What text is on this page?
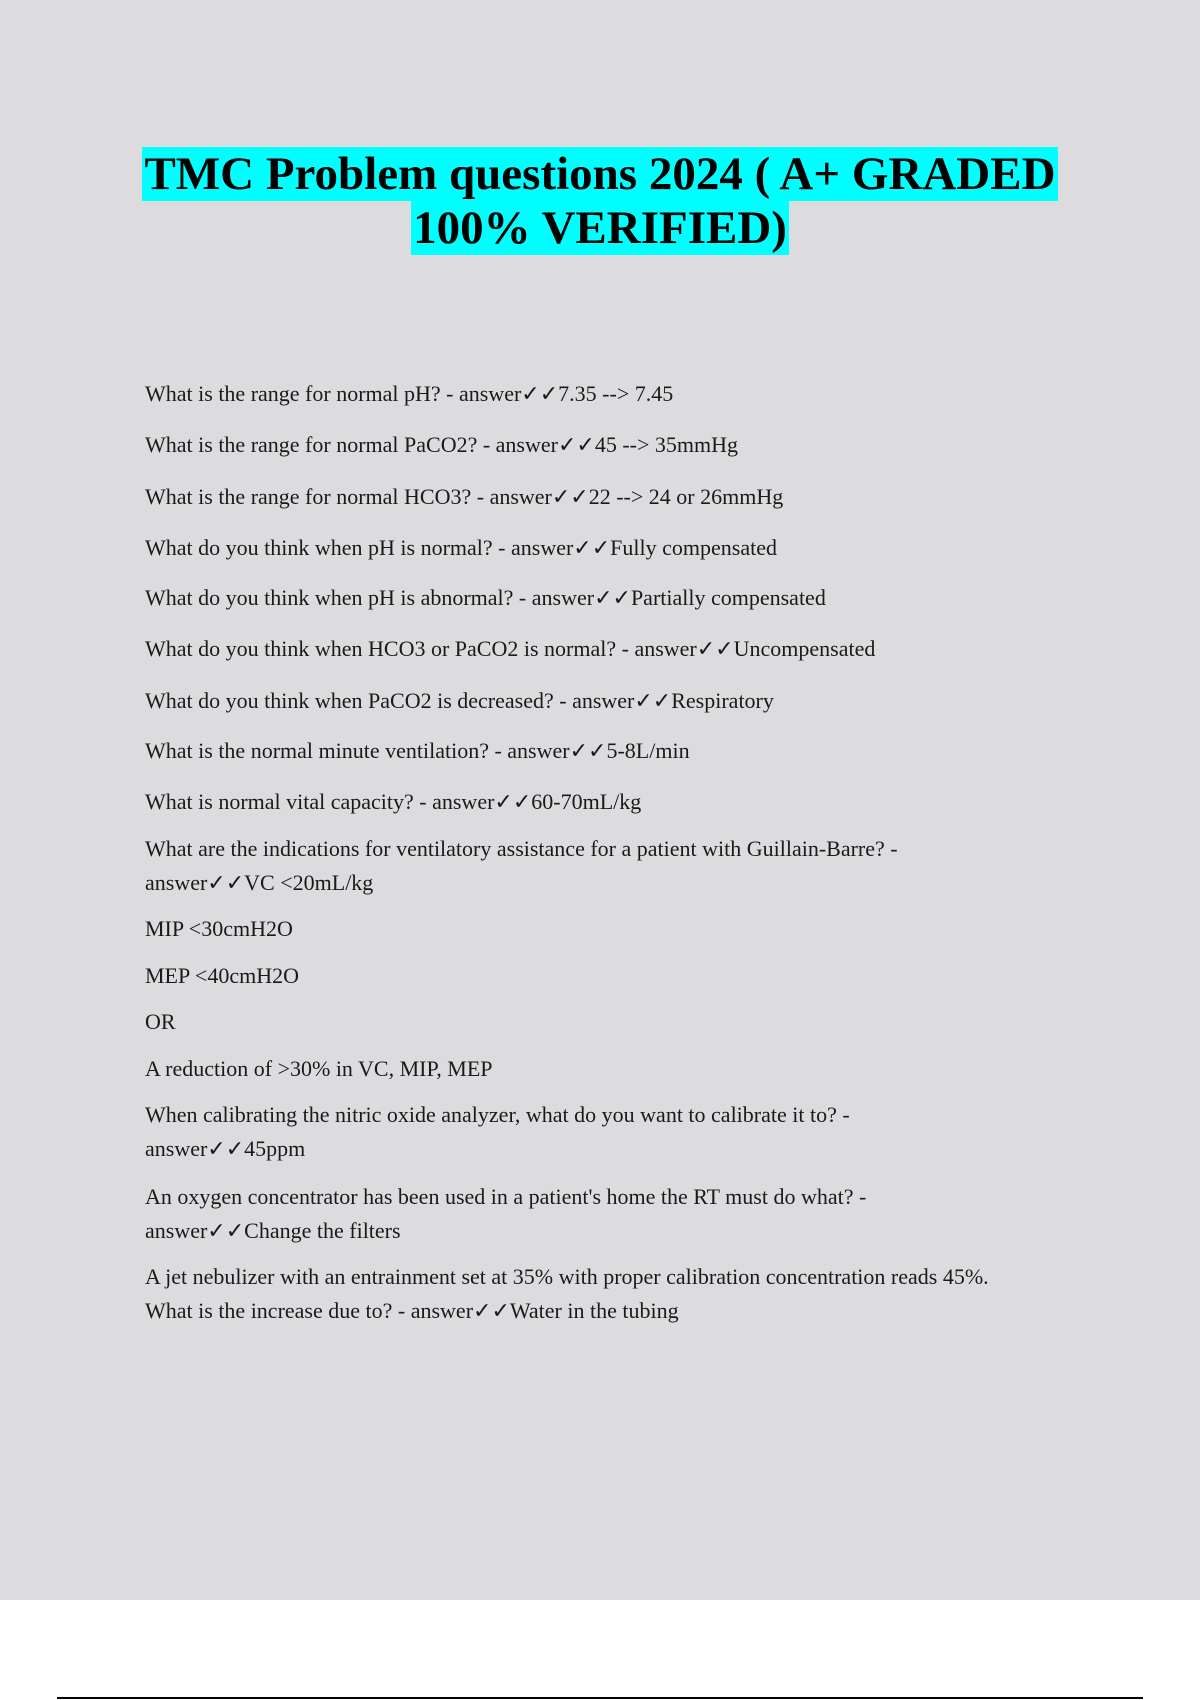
TMC Problem questions 2024 ( A+ GRADED
100% VERIFIED)
What is the range for normal pH? - answer✓✓7.35 --> 7.45
What is the range for normal PaCO2? - answer✓✓45 --> 35mmHg
What is the range for normal HCO3? - answer✓✓22 --> 24 or 26mmHg
What do you think when pH is normal? - answer✓✓Fully compensated
What do you think when pH is abnormal? - answer✓✓Partially compensated
What do you think when HCO3 or PaCO2 is normal? - answer✓✓Uncompensated
What do you think when PaCO2 is decreased? - answer✓✓Respiratory
What is the normal minute ventilation? - answer✓✓5-8L/min
What is normal vital capacity? - answer✓✓60-70mL/kg
What are the indications for ventilatory assistance for a patient with Guillain-Barre? -
answer✓✓VC <20mL/kg
MIP <30cmH2O
MEP <40cmH2O
OR
A reduction of >30% in VC, MIP, MEP
When calibrating the nitric oxide analyzer, what do you want to calibrate it to? -
answer✓✓45ppm
An oxygen concentrator has been used in a patient's home the RT must do what? -
answer✓✓Change the filters
A jet nebulizer with an entrainment set at 35% with proper calibration concentration reads 45%.
What is the increase due to? - answer✓✓Water in the tubing
